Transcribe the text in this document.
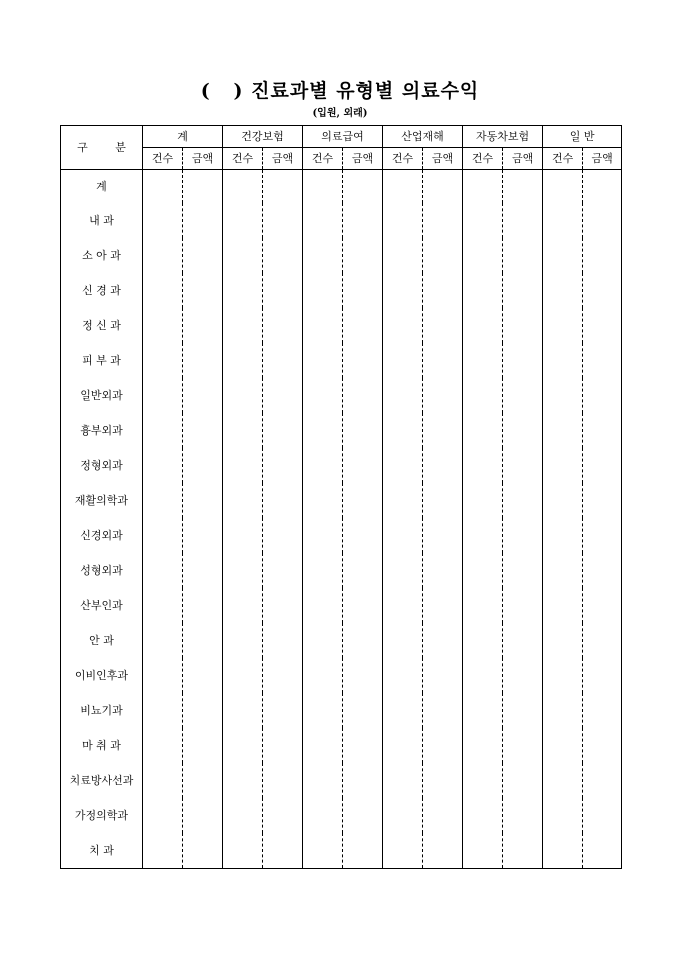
(   ) 진료과별 유형별 의료수익
(입원, 외래)
구 분	계		건강보험		의료급여		산업재해		자동차보험		일 반	
	건수	금액	건수	금액	건수	금액	건수	금액	건수	금액	건수	금액
계												
내 과												
소 아 과												
신 경 과												
정 신 과												
피 부 과												
일반외과												
흉부외과												
정형외과												
재활의학과												
신경외과												
성형외과												
산부인과												
안 과												
이비인후과												
비뇨기과												
마 취 과												
치료방사선과												
가정의학과												
치 과												
